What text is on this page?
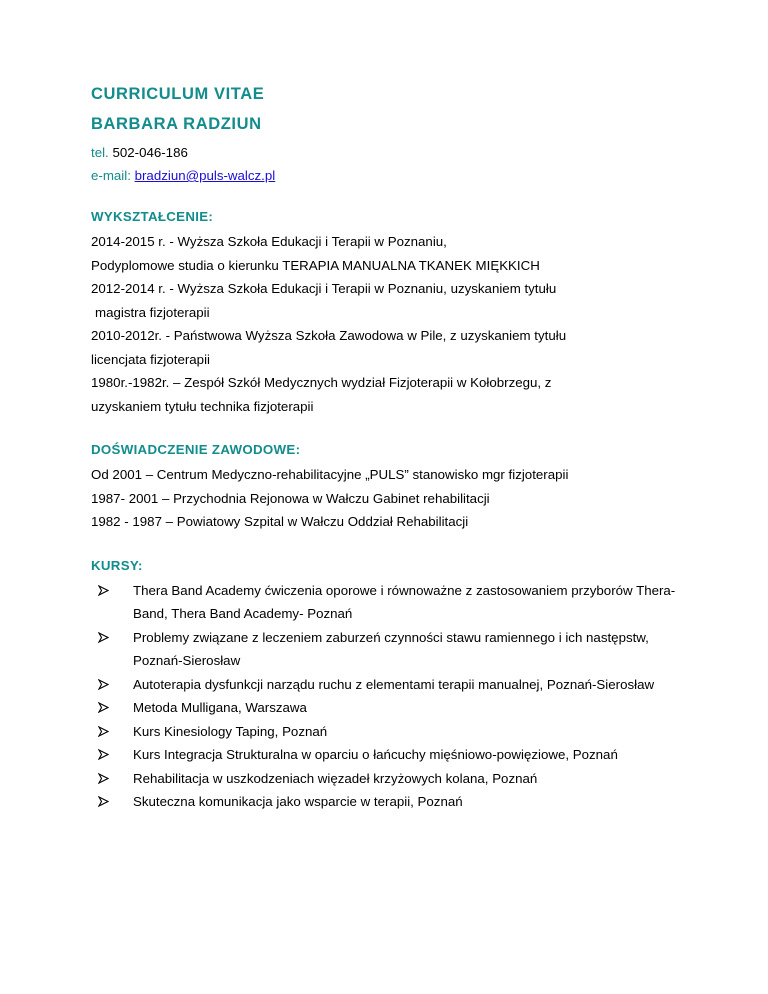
CURRICULUM VITAE
BARBARA RADZIUN
tel. 502-046-186
e-mail: bradziun@puls-walcz.pl
WYKSZTAŁCENIE:
2014-2015 r. - Wyższa Szkoła Edukacji i Terapii w Poznaniu,
Podyplomowe studia o kierunku TERAPIA MANUALNA TKANEK MIĘKKICH
2012-2014 r. - Wyższa Szkoła Edukacji i Terapii w Poznaniu, uzyskaniem tytułu
magistra fizjoterapii
2010-2012r. - Państwowa Wyższa Szkoła Zawodowa w Pile, z uzyskaniem tytułu
licencjata fizjoterapii
1980r.-1982r. – Zespół Szkół Medycznych wydział Fizjoterapii w Kołobrzegu, z
uzyskaniem tytułu technika fizjoterapii
DOŚWIADCZENIE ZAWODOWE:
Od 2001 – Centrum Medyczno-rehabilitacyjne „PULS” stanowisko mgr fizjoterapii
1987- 2001 – Przychodnia Rejonowa w Wałczu Gabinet rehabilitacji
1982 - 1987 – Powiatowy Szpital w Wałczu Oddział Rehabilitacji
KURSY:
Thera Band Academy ćwiczenia oporowe i równoważne z zastosowaniem przyborów Thera-Band, Thera Band Academy- Poznań
Problemy związane z leczeniem zaburzeń czynności stawu ramiennego i ich następstw, Poznań-Sierosław
Autoterapia dysfunkcji narządu ruchu z elementami terapii manualnej, Poznań-Sierosław
Metoda Mulligana, Warszawa
Kurs Kinesiology Taping, Poznań
Kurs Integracja Strukturalna w oparciu o łańcuchy mięśniowo-powięziowe, Poznań
Rehabilitacja w uszkodzeniach więzadeł krzyżowych kolana, Poznań
Skuteczna komunikacja jako wsparcie w terapii, Poznań
